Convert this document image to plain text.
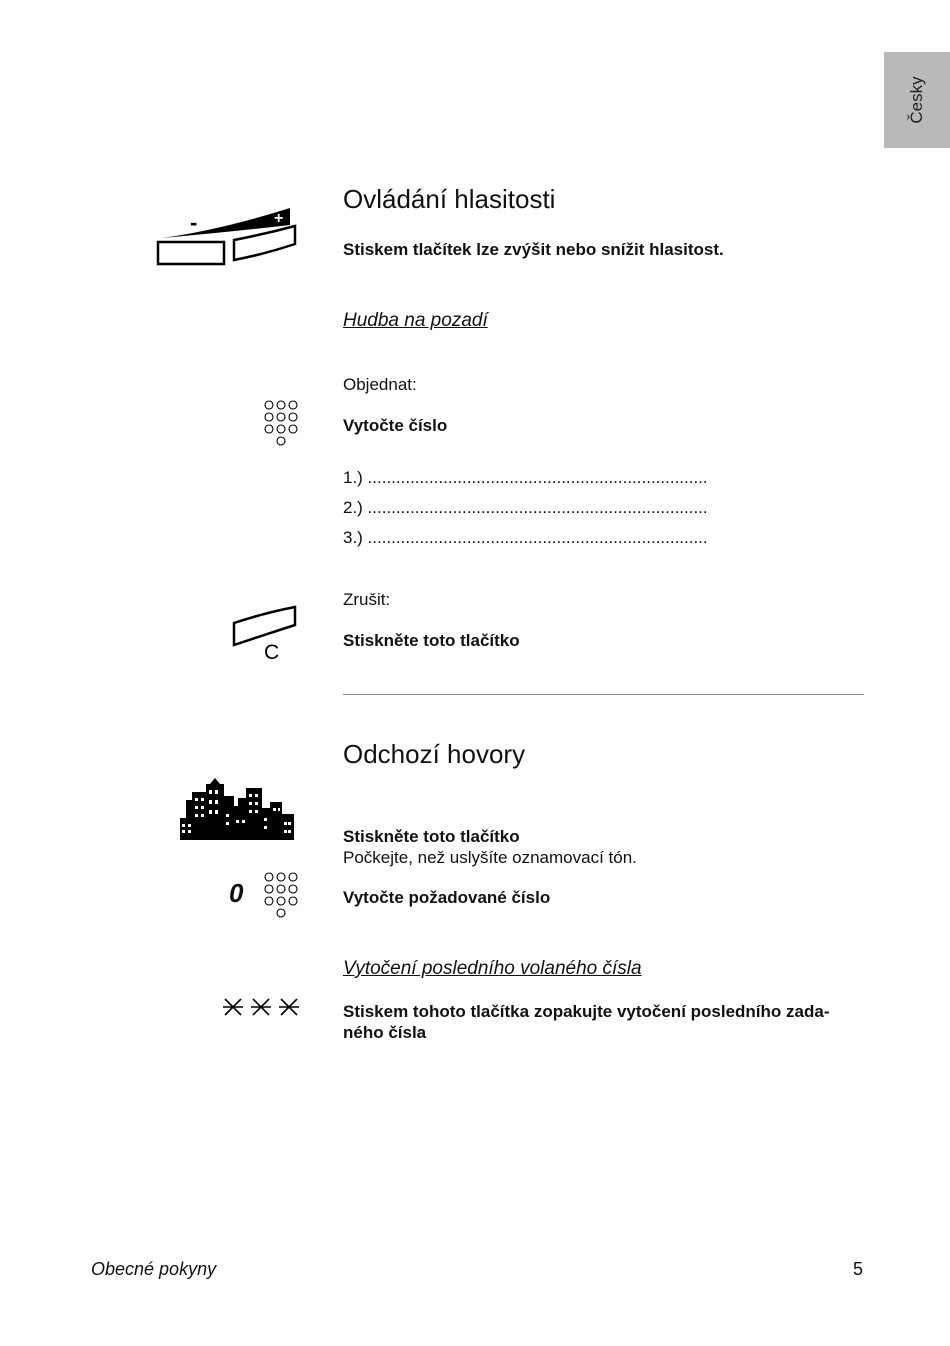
Česky
-	+
Ovládání hlasitosti
Stiskem tlačítek lze zvýšit nebo snížit hlasitost.
Hudba na pozadí
Objednat:
Vytočte číslo
1.) ........................................................................
2.) ........................................................................
3.) ........................................................................
Zrušit:
C
Stiskněte toto tlačítko
Odchozí hovory
Stiskněte toto tlačítko
Počkejte, než uslyšíte oznamovací tón.
0	Vytočte požadované číslo
Vytočení posledního volaného čísla
Stiskem tohoto tlačítka zopakujte vytočení posledního zada-
ného čísla
Obecné pokyny	5
